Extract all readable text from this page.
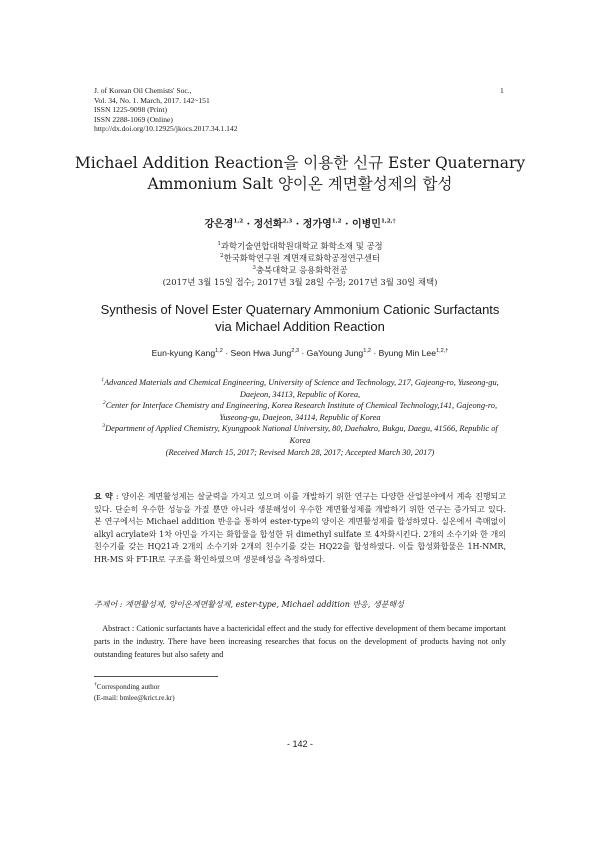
J. of Korean Oil Chemists' Soc.,
Vol. 34, No. 1. March, 2017. 142~151
ISSN 1225-9098 (Print)
ISSN 2288-1069 (Online)
http://dx.doi.org/10.12925/jkocs.2017.34.1.142
1
Michael Addition Reaction을 이용한 신규 Ester Quaternary
Ammonium Salt 양이온 계면활성제의 합성
강은경$^{1,2}$ · 정선화$^{2,3}$ · 정가영$^{1,2}$ · 이병민$^{1,2,\dagger}$
$^1$과학기술연합대학원대학교 화학소재 및 공정
$^2$한국화학연구원 계면재료화학공정연구센터
$^3$충북대학교 응용화학전공
(2017년 3월 15일 접수; 2017년 3월 28일 수정; 2017년 3월 30일 채택)
Synthesis of Novel Ester Quaternary Ammonium Cationic Surfactants
via Michael Addition Reaction
Eun-kyung Kang$^{1,2}$ · Seon Hwa Jung$^{2,3}$ · GaYoung Jung$^{1,2}$ · Byung Min Lee$^{1,2,\dagger}$
$^1$Advanced Materials and Chemical Engineering, University of Science and Technology, 217, Gajeong-ro, Yuseong-gu, Daejeon, 34113, Republic of Korea,
$^2$Center for Interface Chemistry and Engineering, Korea Research Institute of Chemical Technology,141, Gajeong-ro, Yuseong-gu, Daejeon, 34114, Republic of Korea
$^3$Department of Applied Chemistry, Kyungpook National University, 80, Daehakro, Bukgu, Daegu, 41566, Republic of Korea
(Received March 15, 2017; Revised March 28, 2017; Accepted March 30, 2017)
요 약 : 양이온 계면활성제는 살균력을 가지고 있으며 이를 개발하기 위한 연구는 다양한 산업분야에서 계속 진행되고 있다. 단순히 우수한 성능을 가질 뿐만 아니라 생분해성이 우수한 계면활성제를 개발하기 위한 연구는 증가되고 있다. 본 연구에서는 Michael addition 반응을 통하여 ester-type의 양이온 계면활성제를 합성하였다. 실온에서 촉매없이 alkyl acrylate와 1차 아민을 가지는 화합물을 합성한 뒤 dimethyl sulfate 로 4차화시킨다. 2개의 소수기와 한 개의 친수기를 갖는 HQ21과 2개의 소수기와 2개의 친수기를 갖는 HQ22를 합성하였다. 이들 합성화합물은 1H-NMR, HR-MS 와 FT-IR로 구조를 확인하였으며 생분해성을 측정하였다.
주제어 : 계면활성제, 양이온계면활성제, ester-type, Michael addition 반응, 생분해성
Abstract : Cationic surfactants have a bactericidal effect and the study for effective development of them became important parts in the industry. There have been increasing researches that focus on the development of products having not only outstanding features but also safety and
†Corresponding author
(E-mail: bmlee@krict.re.kr)
- 142 -
